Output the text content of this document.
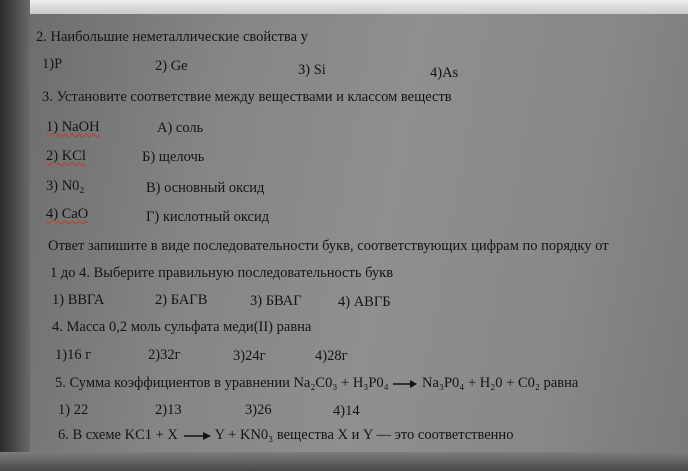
2. Наибольшие неметаллические свойства у
1)P	2) Ge	3) Si	4)As
3. Установите соответствие между веществами и классом веществ
1) NaOH	А) соль
2) KCl	Б) щелочь
3) N0₂	В) основный оксид
4) CaO	Г) кислотный оксид
Ответ запишите в виде последовательности букв, соответствующих цифрам по порядку от
1 до 4. Выберите правильную последовательность букв
1) ВВГА	2) БАГВ	3) БВАГ	4) АВГБ
4. Масса 0,2 моль сульфата меди(II) равна
1)16 г	2)32г	3)24г	4)28г
5. Сумма коэффициентов в уравнении Na₂C0₃ + H₃P0₄ → Na₃P0₄ + H₂0 + C0₂ равна
1) 22	2)13	3)26	4)14
6. В схеме KC1 + X	Y + KN0₃ вещества X и Y — это соответственно
